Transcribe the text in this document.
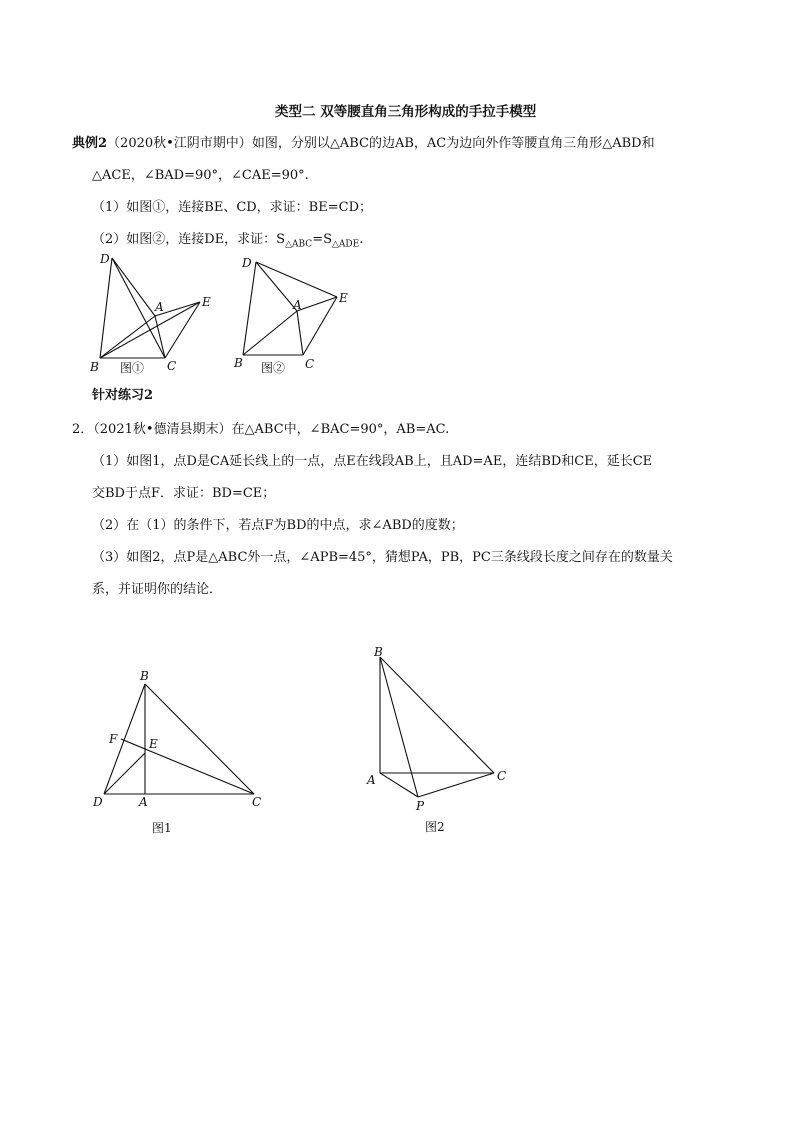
类型二 双等腰直角三角形构成的手拉手模型
典例2（2020秋•江阴市期中）如图，分别以△ABC的边AB，AC为边向外作等腰直角三角形△ABD和
△ACE，∠BAD=90°，∠CAE=90°.
（1）如图①，连接BE、CD，求证：BE=CD；
（2）如图②，连接DE，求证：$S_{\triangle ABC}=S_{\triangle ADE}$.
D
A	E
B	C
图①
D
A	E
B	C
图②
针对练习2
2．（2021秋•德清县期末）在△ABC中，∠BAC=90°，AB=AC.
（1）如图1，点D是CA延长线上的一点，点E在线段AB上，且AD=AE，连结BD和CE，延长CE
交BD于点F．求证：BD=CE；
（2）在（1）的条件下，若点F为BD的中点，求∠ABD的度数；
（3）如图2，点P是△ABC外一点，∠APB=45°，猜想PA，PB，PC三条线段长度之间存在的数量关
系，并证明你的结论．
B
F	E
D	A	C
图1
B
A
P
C
图2
